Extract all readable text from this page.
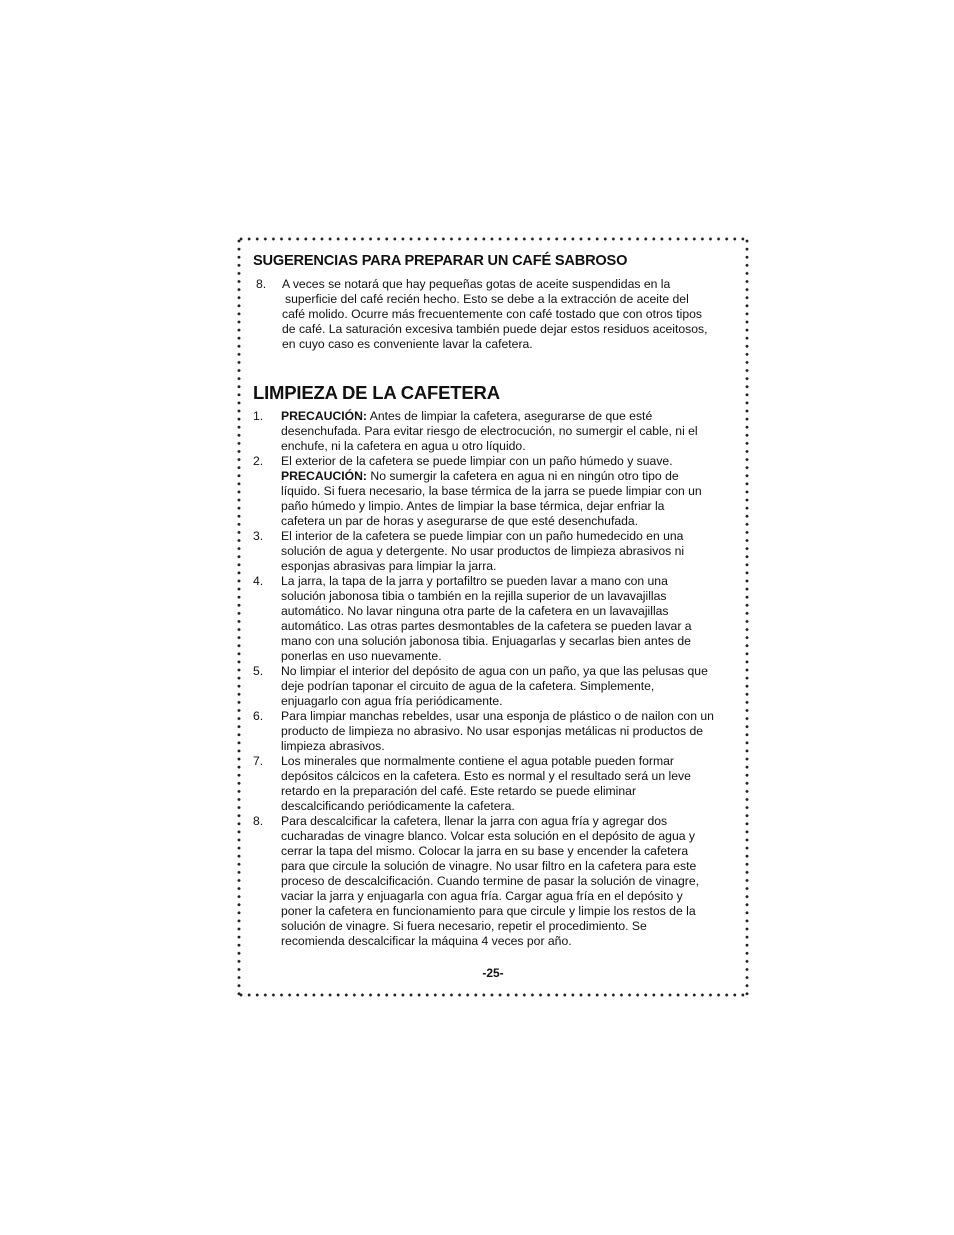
SUGERENCIAS PARA PREPARAR UN CAFÉ SABROSO
8. A veces se notará que hay pequeñas gotas de aceite suspendidas en la
superficie del café recién hecho. Esto se debe a la extracción de aceite del
café molido. Ocurre más frecuentemente con café tostado que con otros tipos
de café. La saturación excesiva también puede dejar estos residuos aceitosos,
en cuyo caso es conveniente lavar la cafetera.

LIMPIEZA DE LA CAFETERA
1. PRECAUCIÓN: Antes de limpiar la cafetera, asegurarse de que esté
desenchufada. Para evitar riesgo de electrocución, no sumergir el cable, ni el
enchufe, ni la cafetera en agua u otro líquido.

2. El exterior de la cafetera se puede limpiar con un paño húmedo y suave.
PRECAUCIÓN: No sumergir la cafetera en agua ni en ningún otro tipo de
líquido. Si fuera necesario, la base térmica de la jarra se puede limpiar con un
paño húmedo y limpio. Antes de limpiar la base térmica, dejar enfriar la
cafetera un par de horas y asegurarse de que esté desenchufada.

3. El interior de la cafetera se puede limpiar con un paño humedecido en una
solución de agua y detergente. No usar productos de limpieza abrasivos ni
esponjas abrasivas para limpiar la jarra.

4. La jarra, la tapa de la jarra y portafiltro se pueden lavar a mano con una
solución jabonosa tibia o también en la rejilla superior de un lavavajillas
automático. No lavar ninguna otra parte de la cafetera en un lavavajillas
automático. Las otras partes desmontables de la cafetera se pueden lavar a
mano con una solución jabonosa tibia. Enjuagarlas y secarlas bien antes de
ponerlas en uso nuevamente.

5. No limpiar el interior del depósito de agua con un paño, ya que las pelusas que
deje podrían taponar el circuito de agua de la cafetera. Simplemente,
enjuagarlo con agua fría periódicamente.

6. Para limpiar manchas rebeldes, usar una esponja de plástico o de nailon con un
producto de limpieza no abrasivo. No usar esponjas metálicas ni productos de
limpieza abrasivos.

7. Los minerales que normalmente contiene el agua potable pueden formar
depósitos cálcicos en la cafetera. Esto es normal y el resultado será un leve
retardo en la preparación del café. Este retardo se puede eliminar
descalcificando periódicamente la cafetera.

8. Para descalcificar la cafetera, llenar la jarra con agua fría y agregar dos
cucharadas de vinagre blanco. Volcar esta solución en el depósito de agua y
cerrar la tapa del mismo. Colocar la jarra en su base y encender la cafetera
para que circule la solución de vinagre. No usar filtro en la cafetera para este
proceso de descalcificación. Cuando termine de pasar la solución de vinagre,
vaciar la jarra y enjuagarla con agua fría. Cargar agua fría en el depósito y
poner la cafetera en funcionamiento para que circule y limpie los restos de la
solución de vinagre. Si fuera necesario, repetir el procedimiento. Se
recomienda descalcificar la máquina 4 veces por año.

-25-
